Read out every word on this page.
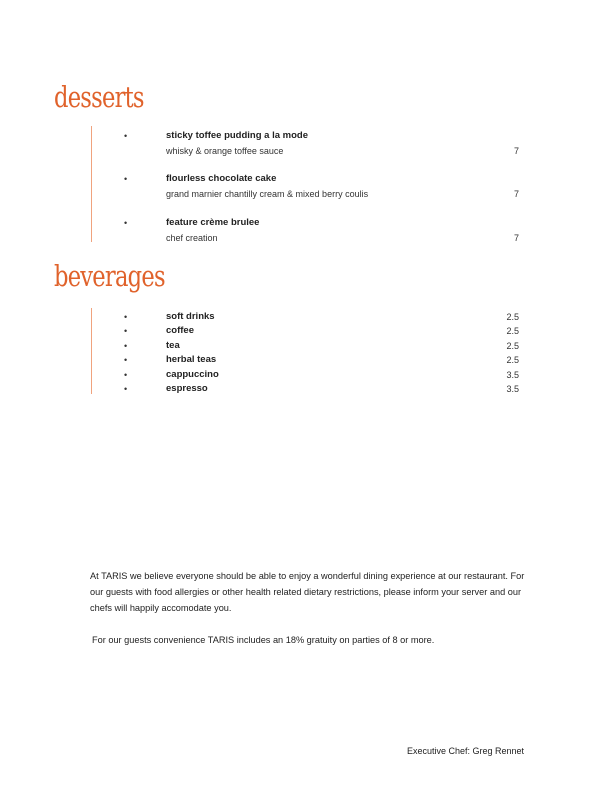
desserts
•	sticky toffee pudding a la mode
whisky & orange toffee sauce	7
•	flourless chocolate cake
grand marnier chantilly cream & mixed berry coulis	7
•	feature crème brulee
chef creation	7
beverages
•	soft drinks	2.5
•	coffee	2.5
•	tea	2.5
•	herbal teas	2.5
•	cappuccino	3.5
•	espresso	3.5

At TARIS we believe everyone should be able to enjoy a wonderful dining experience at our restaurant. For our guests with food allergies or other health related dietary restrictions, please inform your server and our chefs will happily accomodate you.

For our guests convenience TARIS includes an 18% gratuity on parties of 8 or more.

Executive Chef: Greg Rennet
